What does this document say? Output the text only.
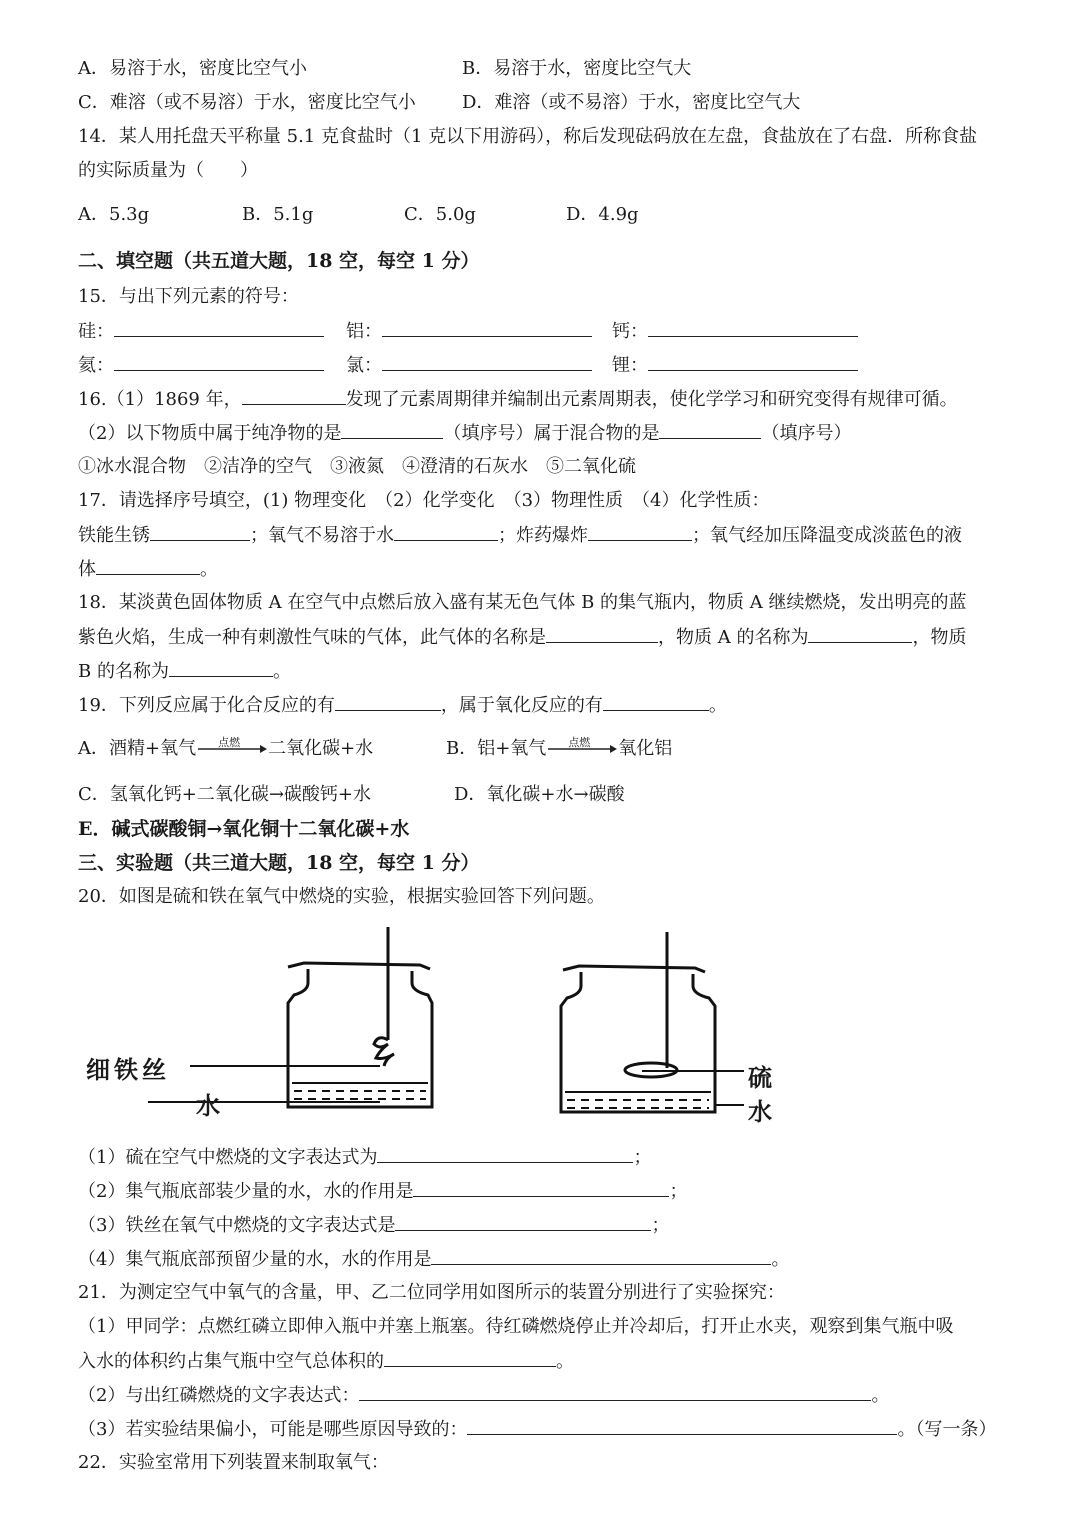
A．易溶于水，密度比空气小	B．易溶于水，密度比空气大
C．难溶（或不易溶）于水，密度比空气小	D．难溶（或不易溶）于水，密度比空气大
14．某人用托盘天平称量 5.1 克食盐时（1 克以下用游码），称后发现砝码放在左盘，食盐放在了右盘．所称食盐
的实际质量为（　　）
A．5.3g	B．5.1g	C．5.0g	D．4.9g
二、填空题（共五道大题，18 空，每空 1 分）
15．与出下列元素的符号：
硅：	铝：	钙：
氦：	氯：	锂：
16.（1）1869 年，	发现了元素周期律并编制出元素周期表，使化学学习和研究变得有规律可循。
（2）以下物质中属于纯净物的是	（填序号）属于混合物的是	（填序号）
①冰水混合物　②洁净的空气　③液氮　④澄清的石灰水　⑤二氧化硫
17．请选择序号填空，(1) 物理变化　（2）化学变化　（3）物理性质　（4）化学性质：
铁能生锈	；氧气不易溶于水	；炸药爆炸	；氧气经加压降温变成淡蓝色的液
体	。
18．某淡黄色固体物质 A 在空气中点燃后放入盛有某无色气体 B 的集气瓶内，物质 A 继续燃烧，发出明亮的蓝
紫色火焰，生成一种有刺激性气味的气体，此气体的名称是	，物质 A 的名称为	，物质
B 的名称为	。
19．下列反应属于化合反应的有	，属于氧化反应的有	。
A．酒精+氧气 点燃 二氧化碳+水	B．铝+氧气 点燃 氧化铝
C．氢氧化钙+二氧化碳→碳酸钙+水	D．氧化碳+水→碳酸
E．碱式碳酸铜→氧化铜十二氧化碳+水
三、实验题（共三道大题，18 空，每空 1 分）
20．如图是硫和铁在氧气中燃烧的实验，根据实验回答下列问题。
细铁丝
水
硫
水
（1）硫在空气中燃烧的文字表达式为	；
（2）集气瓶底部装少量的水，水的作用是	；
（3）铁丝在氧气中燃烧的文字表达式是	；
（4）集气瓶底部预留少量的水，水的作用是	。
21．为测定空气中氧气的含量，甲、乙二位同学用如图所示的装置分别进行了实验探究：
（1）甲同学：点燃红磷立即伸入瓶中并塞上瓶塞。待红磷燃烧停止并冷却后，打开止水夹，观察到集气瓶中吸
入水的体积约占集气瓶中空气总体积的	。
（2）与出红磷燃烧的文字表达式：	。
（3）若实验结果偏小，可能是哪些原因导致的：	。（写一条）
22．实验室常用下列装置来制取氧气：
